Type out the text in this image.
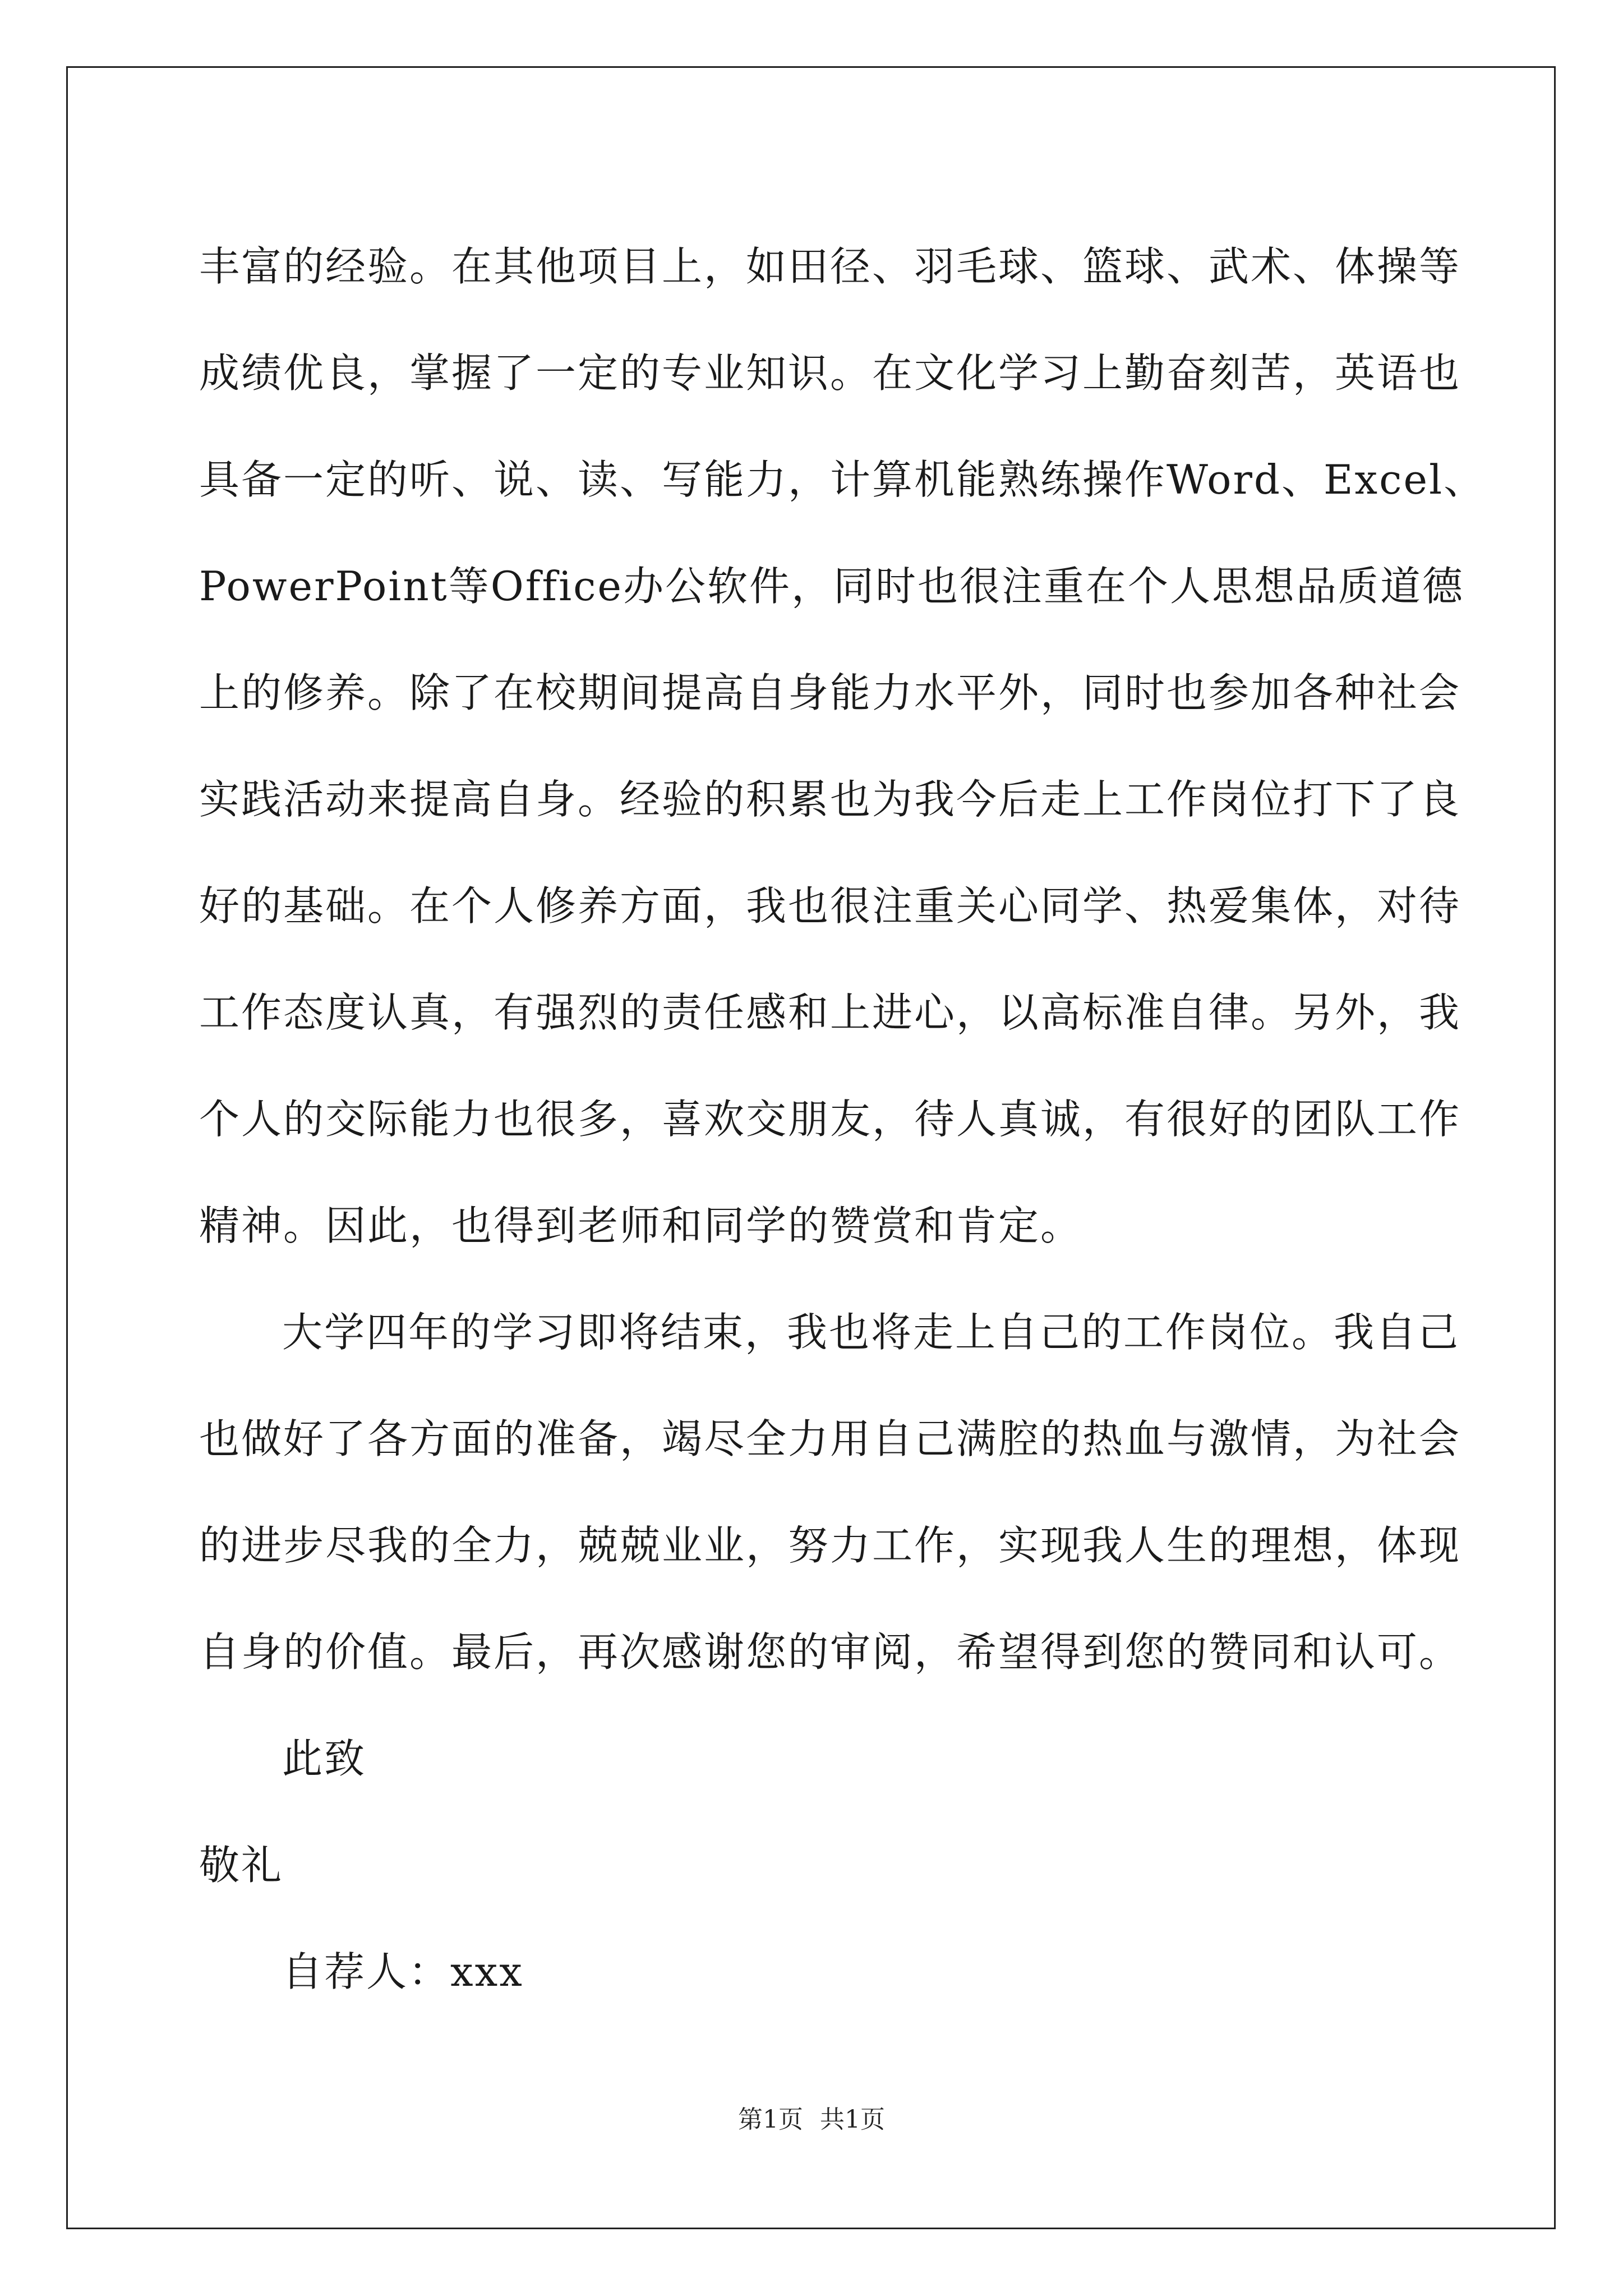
丰富的经验。在其他项目上，如田径、羽毛球、篮球、武术、体操等
成绩优良，掌握了一定的专业知识。在文化学习上勤奋刻苦，英语也
具备一定的听、说、读、写能力，计算机能熟练操作Word、Excel、
PowerPoint等Office办公软件，同时也很注重在个人思想品质道德
上的修养。除了在校期间提高自身能力水平外，同时也参加各种社会
实践活动来提高自身。经验的积累也为我今后走上工作岗位打下了良
好的基础。在个人修养方面，我也很注重关心同学、热爱集体，对待
工作态度认真，有强烈的责任感和上进心，以高标准自律。另外，我
个人的交际能力也很多，喜欢交朋友，待人真诚，有很好的团队工作
精神。因此，也得到老师和同学的赞赏和肯定。

大学四年的学习即将结束，我也将走上自己的工作岗位。我自己
也做好了各方面的准备，竭尽全力用自己满腔的热血与激情，为社会
的进步尽我的全力，兢兢业业，努力工作，实现我人生的理想，体现
自身的价值。最后，再次感谢您的审阅，希望得到您的赞同和认可。

此致
敬礼
自荐人：xxx
第1页 共1页
